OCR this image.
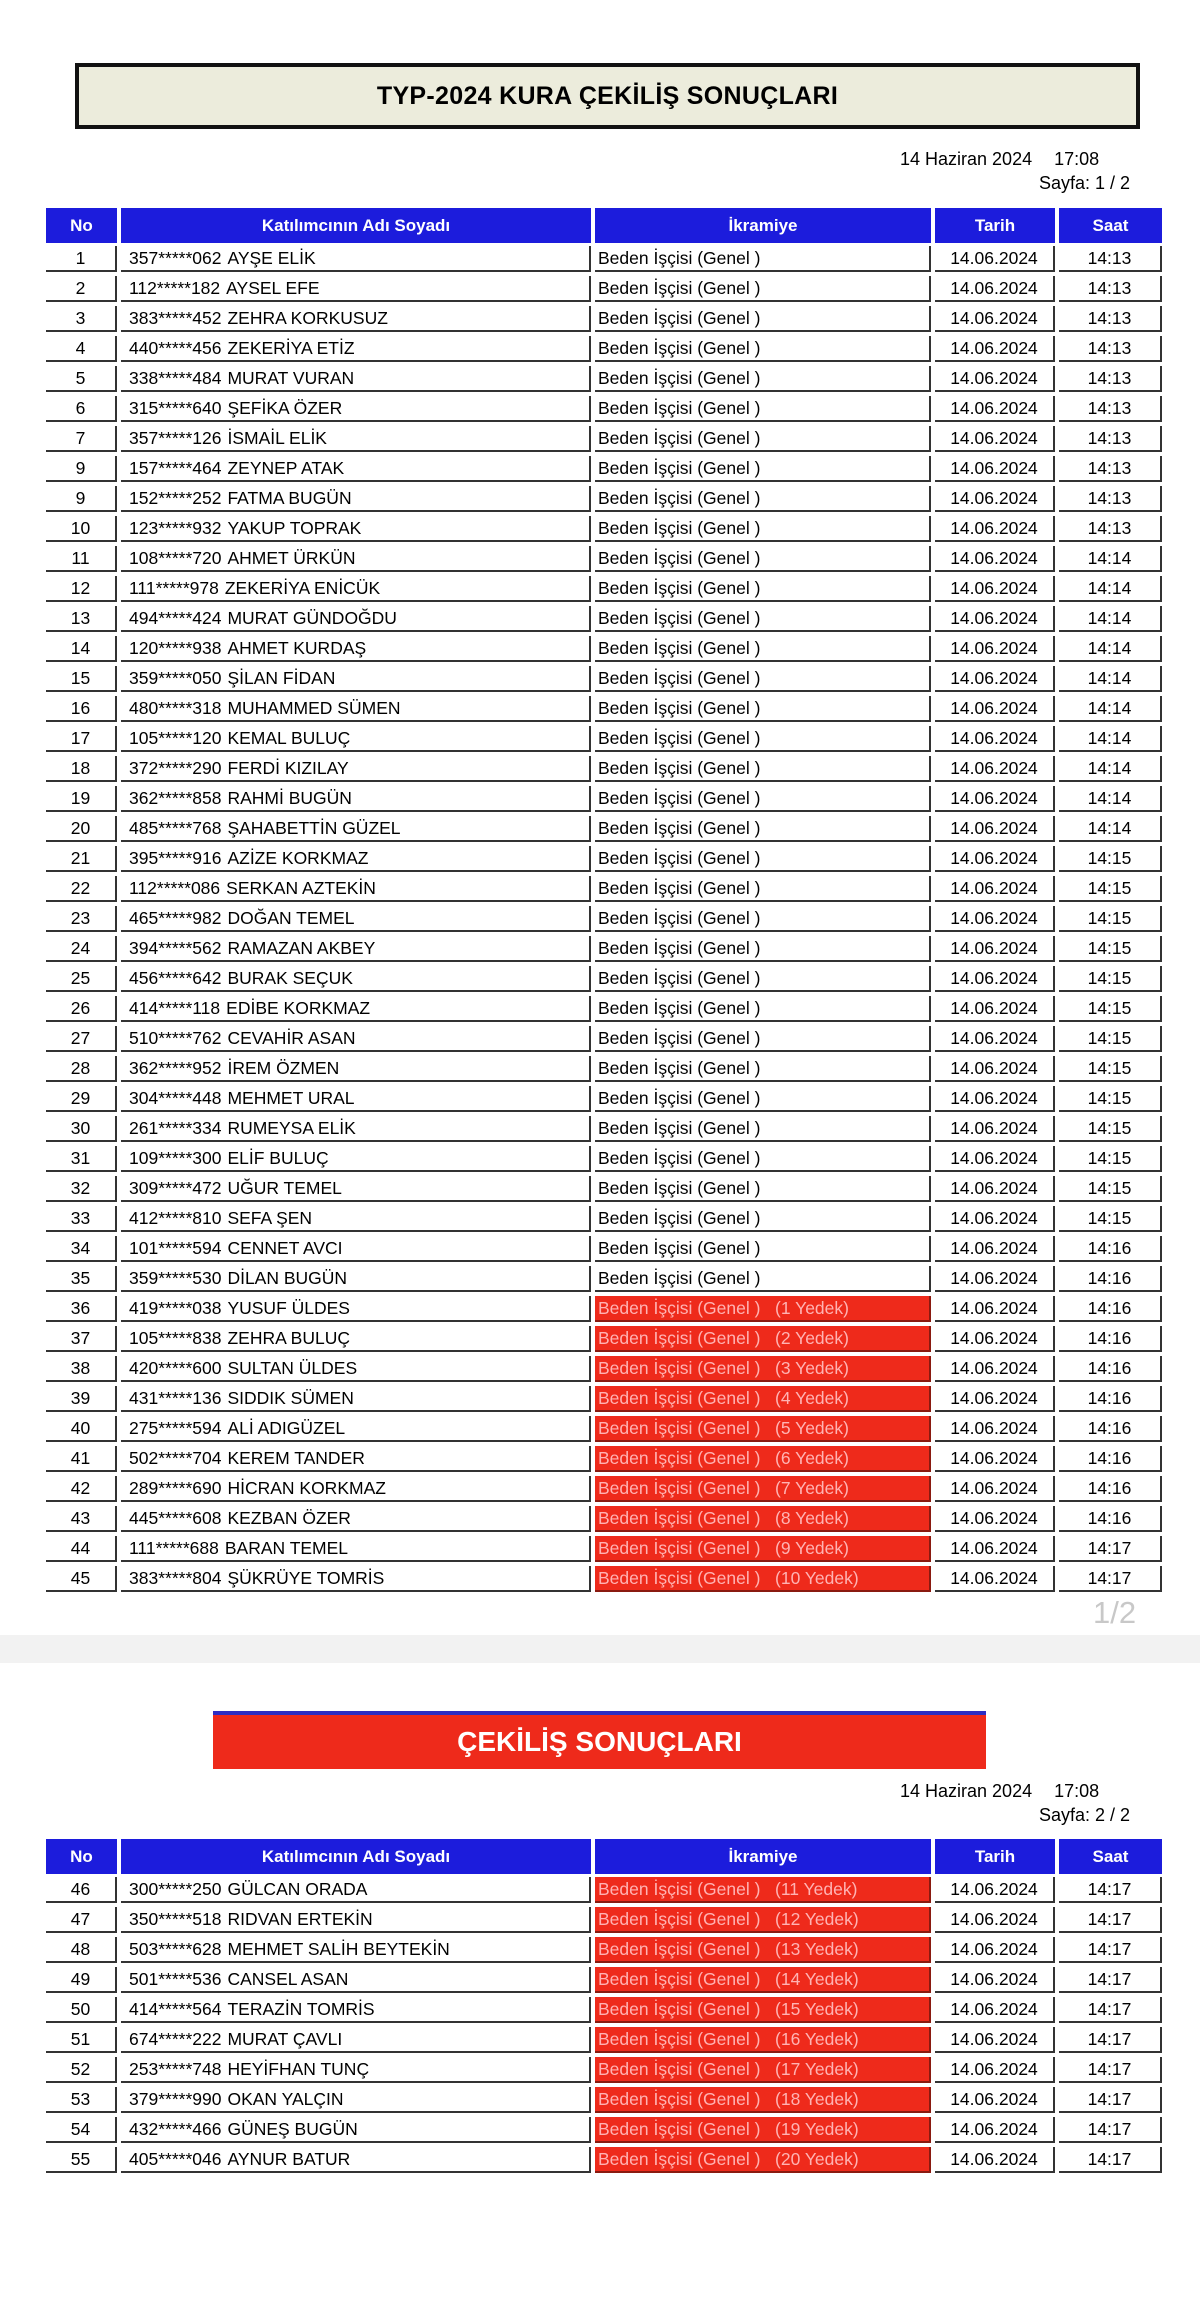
TYP-2024 KURA ÇEKİLİŞ SONUÇLARI
14 Haziran 2024 17:08
Sayfa: 1 / 2
No	Katılımcının Adı Soyadı	İkramiye	Tarih	Saat
1	357*****062 AYŞE ELİK	Beden İşçisi (Genel )	14.06.2024	14:13
2	112*****182 AYSEL EFE	Beden İşçisi (Genel )	14.06.2024	14:13
3	383*****452 ZEHRA KORKUSUZ	Beden İşçisi (Genel )	14.06.2024	14:13
4	440*****456 ZEKERİYA ETİZ	Beden İşçisi (Genel )	14.06.2024	14:13
5	338*****484 MURAT VURAN	Beden İşçisi (Genel )	14.06.2024	14:13
6	315*****640 ŞEFİKA ÖZER	Beden İşçisi (Genel )	14.06.2024	14:13
7	357*****126 İSMAİL ELİK	Beden İşçisi (Genel )	14.06.2024	14:13
9	157*****464 ZEYNEP ATAK	Beden İşçisi (Genel )	14.06.2024	14:13
9	152*****252 FATMA BUGÜN	Beden İşçisi (Genel )	14.06.2024	14:13
10	123*****932 YAKUP TOPRAK	Beden İşçisi (Genel )	14.06.2024	14:13
11	108*****720 AHMET ÜRKÜN	Beden İşçisi (Genel )	14.06.2024	14:14
12	111*****978 ZEKERİYA ENİCÜK	Beden İşçisi (Genel )	14.06.2024	14:14
13	494*****424 MURAT GÜNDOĞDU	Beden İşçisi (Genel )	14.06.2024	14:14
14	120*****938 AHMET KURDAŞ	Beden İşçisi (Genel )	14.06.2024	14:14
15	359*****050 ŞİLAN FİDAN	Beden İşçisi (Genel )	14.06.2024	14:14
16	480*****318 MUHAMMED SÜMEN	Beden İşçisi (Genel )	14.06.2024	14:14
17	105*****120 KEMAL BULUÇ	Beden İşçisi (Genel )	14.06.2024	14:14
18	372*****290 FERDİ KIZILAY	Beden İşçisi (Genel )	14.06.2024	14:14
19	362*****858 RAHMİ BUGÜN	Beden İşçisi (Genel )	14.06.2024	14:14
20	485*****768 ŞAHABETTİN GÜZEL	Beden İşçisi (Genel )	14.06.2024	14:14
21	395*****916 AZİZE KORKMAZ	Beden İşçisi (Genel )	14.06.2024	14:15
22	112*****086 SERKAN AZTEKİN	Beden İşçisi (Genel )	14.06.2024	14:15
23	465*****982 DOĞAN TEMEL	Beden İşçisi (Genel )	14.06.2024	14:15
24	394*****562 RAMAZAN AKBEY	Beden İşçisi (Genel )	14.06.2024	14:15
25	456*****642 BURAK SEÇUK	Beden İşçisi (Genel )	14.06.2024	14:15
26	414*****118 EDİBE KORKMAZ	Beden İşçisi (Genel )	14.06.2024	14:15
27	510*****762 CEVAHİR ASAN	Beden İşçisi (Genel )	14.06.2024	14:15
28	362*****952 İREM ÖZMEN	Beden İşçisi (Genel )	14.06.2024	14:15
29	304*****448 MEHMET URAL	Beden İşçisi (Genel )	14.06.2024	14:15
30	261*****334 RUMEYSA ELİK	Beden İşçisi (Genel )	14.06.2024	14:15
31	109*****300 ELİF BULUÇ	Beden İşçisi (Genel )	14.06.2024	14:15
32	309*****472 UĞUR TEMEL	Beden İşçisi (Genel )	14.06.2024	14:15
33	412*****810 SEFA ŞEN	Beden İşçisi (Genel )	14.06.2024	14:15
34	101*****594 CENNET AVCI	Beden İşçisi (Genel )	14.06.2024	14:16
35	359*****530 DİLAN BUGÜN	Beden İşçisi (Genel )	14.06.2024	14:16
36	419*****038 YUSUF ÜLDES	Beden İşçisi (Genel )   (1 Yedek)	14.06.2024	14:16
37	105*****838 ZEHRA BULUÇ	Beden İşçisi (Genel )   (2 Yedek)	14.06.2024	14:16
38	420*****600 SULTAN ÜLDES	Beden İşçisi (Genel )   (3 Yedek)	14.06.2024	14:16
39	431*****136 SIDDIK SÜMEN	Beden İşçisi (Genel )   (4 Yedek)	14.06.2024	14:16
40	275*****594 ALİ ADIGÜZEL	Beden İşçisi (Genel )   (5 Yedek)	14.06.2024	14:16
41	502*****704 KEREM TANDER	Beden İşçisi (Genel )   (6 Yedek)	14.06.2024	14:16
42	289*****690 HİCRAN KORKMAZ	Beden İşçisi (Genel )   (7 Yedek)	14.06.2024	14:16
43	445*****608 KEZBAN ÖZER	Beden İşçisi (Genel )   (8 Yedek)	14.06.2024	14:16
44	111*****688 BARAN TEMEL	Beden İşçisi (Genel )   (9 Yedek)	14.06.2024	14:17
45	383*****804 ŞÜKRÜYE TOMRİS	Beden İşçisi (Genel )   (10 Yedek)	14.06.2024	14:17
1/2
ÇEKİLİŞ SONUÇLARI
14 Haziran 2024 17:08
Sayfa: 2 / 2
No	Katılımcının Adı Soyadı	İkramiye	Tarih	Saat
46	300*****250 GÜLCAN ORADA	Beden İşçisi (Genel )   (11 Yedek)	14.06.2024	14:17
47	350*****518 RIDVAN ERTEKİN	Beden İşçisi (Genel )   (12 Yedek)	14.06.2024	14:17
48	503*****628 MEHMET SALİH BEYTEKİN	Beden İşçisi (Genel )   (13 Yedek)	14.06.2024	14:17
49	501*****536 CANSEL ASAN	Beden İşçisi (Genel )   (14 Yedek)	14.06.2024	14:17
50	414*****564 TERAZİN TOMRİS	Beden İşçisi (Genel )   (15 Yedek)	14.06.2024	14:17
51	674*****222 MURAT ÇAVLI	Beden İşçisi (Genel )   (16 Yedek)	14.06.2024	14:17
52	253*****748 HEYİFHAN TUNÇ	Beden İşçisi (Genel )   (17 Yedek)	14.06.2024	14:17
53	379*****990 OKAN YALÇIN	Beden İşçisi (Genel )   (18 Yedek)	14.06.2024	14:17
54	432*****466 GÜNEŞ BUGÜN	Beden İşçisi (Genel )   (19 Yedek)	14.06.2024	14:17
55	405*****046 AYNUR BATUR	Beden İşçisi (Genel )   (20 Yedek)	14.06.2024	14:17
